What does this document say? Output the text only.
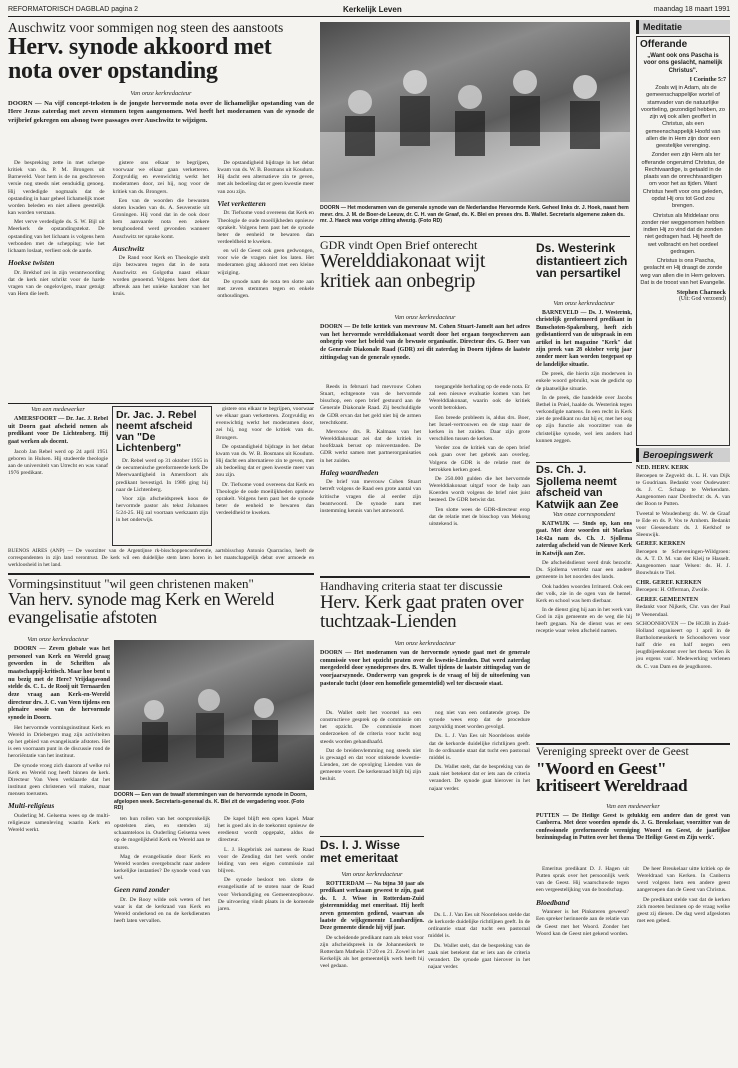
REFORMATORISCH DAGBLAD pagina 2	Kerkelijk Leven	maandag 18 maart 1991
Auschwitz voor sommigen nog steen des aanstoots
Herv. synode akkoord met nota over opstanding
Van onze kerkredacteur
DOORN — Na vijf concept-teksten is de jongste hervormde nota over de lichamelijke opstanding van de Here Jezus zaterdag met zeven stemmen tegen aangenomen. Wel heeft het moderamen van de synode de vrijbrief gekregen om alsnog twee passages over Auschwitz te wijzigen.

De bespreking zette in met scherpe kritiek van ds. P. M. Brongers uit Barneveld. Voor hem is de nu geschreven versie nog steeds niet eenduidig genoeg. Hij verdedigde nogmaals dat de opstanding in haar geheel lichamelijk moet worden beleden en niet alleen geestelijk kan worden verstaan.

Met verve verdedigde ds. S. W. Bijl uit Meerkerk de opstandingstekst. De opstanding van het lichaam is volgens hem verbonden met de schepping; wie het lichaam loslaat, verliest ook de aarde.

Hoekse twisten

Dr. Brekhof zei in zijn verantwoording dat de kerk niet schrikt voor de harde vragen van de ongelovigen, maar getuigt van Hem die leeft.

gistere ons elkaar te begrijpen, voorwaar we elkaar gaan verketteren. Zorgvuldig en evenwichtig werkt het moderamen door, zei hij, nog voor de kritiek van ds. Brongers.

Een van de woorden die bewusten sloten kwaden van ds. A. Seuvenstie uit Groningen. Hij vond dat in de ook door hem aanvaarde nota een zekere terughoudend werd gevonden wanneer Auschwitz ter sprake komt.

Auschwitz

De Rand voor Kerk en Theologie stelt zijn bezwaren tegen dat in de nota Auschwitz en Golgotha naast elkaar worden genoemd. Volgens hem doet dat afbreuk aan het unieke karakter van het kruis.

De opstandigheid bijdrage in het debat kwam van ds. W. B. Bosmans uit Koudum. Hij dacht een alternatieve zin te geven, met als bedoeling dat er geen kwestie meer van zou zijn.

Viet verketteren

Dr. Tiefsome vond overeens dat Kerk en Theologie de oude moeilijkheden opnieuw oprakelt. Volgens hem past het de synode beter de eenheid te bewaren dan verdeeldheid te kweken.

en wil de Geest ook geen gedwongen, voor wie de vragen niet los laten. Het moderamen ging akkoord met een kleine wijziging.

De synode nam de nota ten slotte aan met zeven stemmen tegen en enkele onthoudingen.

Van een medewerker

AMERSFOORT — Dr. Jac. J. Rebel uit Doorn gaat afscheid nemen als predikant voor De Lichtenberg. Hij gaat werken als docent.

Jacob Jan Rebel werd op 24 april 1951 geboren in Hulsen. Hij studeerde theologie aan de universiteit van Utrecht en was vanaf 1976 predikant.

Dr. Jac. J. Rebel neemt afscheid van "De Lichtenberg"

Dr. Rebel werd op 31 oktober 1955 in de oecumenische gereformeerde kerk De Meerwaardigheid in Amersfoort als predikant bevestigd. In 1986 ging hij naar de Lichtenberg.

Voor zijn afscheidspreek koos de hervormde pastor als tekst Johannes 5:24-25. Hij zal voortaan werkzaam zijn in het onderwijs.

gistere ons elkaar te begrijpen, voorwaar we elkaar gaan verketteren. Zorgvuldig en evenwichtig werkt het moderamen door, zei hij, nog voor de kritiek van ds. Brongers.

De opstandigheid bijdrage in het debat kwam van ds. W. B. Bosmans uit Koudum. Hij dacht een alternatieve zin te geven, met als bedoeling dat er geen kwestie meer van zou zijn.

Dr. Tiefsome vond overeens dat Kerk en Theologie de oude moeilijkheden opnieuw oprakelt. Volgens hem past het de synode beter de eenheid te bewaren dan verdeeldheid te kweken.

BUENOS AIRES (ANP) — De voorzitter van de Argentijnse rk-bisschoppenconferentie, aartsbisschop Antonio Quarracino, heeft de correspondenten in zijn land verontrust. De kerk wil een duidelijke stem laten horen in het maatschappelijk debat over armoede en werkloosheid in het land.

Vormingsinstituut "wil geen christenen maken"
Van herv. synode mag Kerk en Wereld evangelisatie afstoten
Van onze kerkredacteur

DOORN — Zeven globale was het personeel van Kerk en Wereld graag geworden in de Schriften als maatschappij-kritisch. Maar hoe bent u nu bezig met de Here? Vrijdagavond stelde ds. C. L. de Rooij uit Ternaarden deze vraag aan Kerk-en-Wereld directeur drs. J. C. van Veen tijdens een plenaire sessie van de hervormde synode in Doorn.

Het hervormde vormingsinstituut Kerk en Wereld in Driebergen mag zijn activiteiten op het gebied van evangelisatie afstoten. Het is een voornaam punt in de discussie rond de heroriëntatie van het instituut.

De synode vroeg zich daarom af welke rol Kerk en Wereld nog heeft binnen de kerk. Directeur Van Veen verklaarde dat het instituut geen christenen wil maken, maar mensen toerusten.

Multi-religieus

Ouderling M. Gelsema wees op de multi-religieuze samenleving waarin Kerk en Wereld werkt.

DOORN — Een van de twaalf stemmingen van de hervormde synode in Doorn, afgelopen week. Secretaris-generaal ds. K. Blei zit de vergadering voor. (Foto RD)

ten hun rollen van het oorspronkelijk opstelsten zien, en stemden zij schaamteloos in. Ouderling Gelsema wees op de mogelijkheid Kerk en Wereld aan te sturen.

Mag de evangelisatie door Kerk en Wereld worden overgebracht naar andere kerkelijke instanties? De synode vond van wel.

Geen rand zonder

Dr. De Rooy wilde ook weten of het waar is dat de kerkraad van Kerk en Wereld onderkend en nu de kerkdiensten heeft laten vervallen.

De kapel blijft een open kapel. Maar het is goed als in de toekomst opnieuw de eredienst wordt opgepakt, aldus de directeur.

L. J. Hogebrink zei namens de Raad voor de Zending dat het werk onder leiding van een eigen commissie zal blijven.

De synode besloot ten slotte de evangelisatie af te stoten naar de Raad voor Verkondiging en Gemeenteopbouw. De uitvoering vindt plaats in de komende jaren.

DOORN — Het moderamen van de generale synode van de Nederlandse Hervormde Kerk. Geheel links dr. J. Hoek, naast hem mevr. drs. J. M. de Boer-de Leeuw, dr. C. H. van de Graaf, ds. K. Blei en preses drs. B. Wallet. Secretaris algemene zaken ds. mr. J. Haeck was vorige zitting afwezig. (Foto RD)
GDR vindt Open Brief onterecht
Werelddiakonaat wijt kritiek aan onbegrip
Van onze kerkredacteur
DOORN — De felle kritiek van mevrouw M. Cohen Stuart-Jamelt aan het adres van het hervormde werelddiakonaat wordt door het orgaan toegeschreven aan onbegrip voor het beleid van de bewuste organisatie. Directeur drs. G. Boer van de Generale Diakonale Raad (GDR) zei dit zaterdag in Doorn tijdens de laatste zittingsdag van de generale synode.

Reeds in februari had mevrouw Cohen Stuart, echtgenote van de hervormde bisschop, een open brief gestuurd aan de Generale Diakonale Raad. Zij beschuldigde de GDR ervan dat het geld niet bij de armen terechtkomt.

Mevrouw drs. R. Kalmaas van het Werelddiakonaat zei dat de kritiek in hoofdzaak berust op misverstanden. De GDR werkt samen met partnerorganisaties in het zuiden.

Haleg waardheden

De brief van mevrouw Cohen Stuart betreft volgens de Raad een grote aantal van kritische vragen die al eerder zijn beantwoord. De synode nam met instemming kennis van het antwoord.

toegangelde herhaling op de ende nota. Er zal een nieuwe evaluatie komen van het Werelddiakonaat, waarin ook de kritiek wordt betrokken.

Een breede probleem is, aldus drs. Boer, het Israel-vertrouwen en de stap naar de kerken in het zuiden. Daar zijn grote verschillen tussen de kerken.

Verder zou de kritiek van de open brief ook gaan over het gebrek aan overleg. Volgens de GDR is de relatie met de betrokken kerken goed.

De 250.000 gulden die het hervormde Werelddiakonaat uitgaf voor de hulp aan Koerden wordt volgens de brief niet juist besteed. De GDR betwist dat.

Ten slotte wees de GDR-directeur erop dat de relatie met de bisschop van Mekong uitstekend is.

Ds. Westerink distantieert zich van persartikel
Van onze kerkredacteur

BARNEVELD — Ds. J. Westerink, christelijk gereformeerd predikant in Bunschoten-Spakenburg, heeft zich gedistantieerd van de uitspraak in een artikel in het magazine "Kerk" dat zijn preek van 28 oktober verig jaar zonder meer kan worden toegepast op de landelijke situatie.

De preek, die hierin zijn moderwen in enkele woord gebruikt, was de gedicht op de plaatselijke situatie.

In de preek, die handelde over Jacobs Bethel in Pniel, haalde ds. Westerink tegen verkondigde namens. In een recht in Kerk ziet de predikant nu dat hij er, met het oog op zijn functie als voorzitter van de christelijke synode, wel iets anders had kunnen zeggen.

Ds. Ch. J. Sjollema neemt afscheid van Katwijk aan Zee
Van onze correspondent

KATWIJK — Sinds op, kan ons gaat. Met deze woorden uit Markus 14:42a nam ds. Ch. J. Sjollema zaterdag afscheid van de Nieuwe Kerk in Katwijk aan Zee.

De afscheidsdienst werd druk bezocht. Ds. Sjollema vertrekt naar een andere gemeente in het noorden des lands.

Ook hadden woorden Irrituerd. Ook een der volk, zie in de ogen van de hemel. Kerk en school was hem dierbaar.

In de dienst ging hij aan in het werk van God in zijn gemeente en de weg die hij heeft gegaan. Na de dienst was er een receptie waar velen afscheid namen.

Handhaving criteria staat ter discussie
Herv. Kerk gaat praten over tuchtzaak-Lienden
Van onze kerkredacteur
DOORN — Het moderamen van de hervormde synode gaat met de generale commissie voor het opzicht praten over de kwestie-Lienden. Dat werd zaterdag meegedeeld door synodepreses drs. B. Wallet tijdens de laatste zittingsdag van de voorjaarszynode. Onderwerp van gesprek is de vraag of bij de uitoefening van pastorale tucht (door een homofiele gemeentelid) wel ter discussie staat.

Ds. Wallet stelt het voorstel na een constructieve gesprek op de commissie om het opzicht. De commissie moet onderzoeken of de criteria voor tucht nog steeds worden gehandhaafd.

Dat de breidenvlemming nog steeds niet is gewaagd en dat voor stinkende kwestie-Lienden, zet de opvolging Lienden van de gemeente voort. De kerkenraad blijft bij zijn besluit.

nog niet van een ontlatende groep. De synode wees erop dat de procedure zorgvuldig moet worden gevolgd.

Ds. L. J. Van Ees uit Noordeloos stelde dat de kerkorde duidelijke richtlijnen geeft. In de ordinantie staat dat tucht een pastoraal middel is.

Ds. Wallet stelt, dat de bespreking van de zaak niet betekent dat er iets aan de criteria verandert. De synode gaat hierover in het najaar verder.

Ds. I. J. Wisse met emeritaat
Van onze kerkredacteur

ROTTERDAM — Na bijna 30 jaar als predikant werkzaam geweest te zijn, gaat ds. I. J. Wisse in Rotterdam-Zuid gisterenmiddag met emeritaat. Hij heeft zeven gemeenten gediend, waarvan als laatste de wijkgemeente Lombardijen. Deze gemeente diende hij vijf jaar.

De scheidende predikant nam als tekst voor zijn afscheidspreek in de Johanneskerk te Rotterdam Matheüs 17:20 en 21. Zowel in het Kerkelijk als het gemeentelijk werk heeft hij veel gedaan.

Ds. L. J. Van Ees uit Noordeloos stelde dat de kerkorde duidelijke richtlijnen geeft. In de ordinantie staat dat tucht een pastoraal middel is.

Ds. Wallet stelt, dat de bespreking van de zaak niet betekent dat er iets aan de criteria verandert. De synode gaat hierover in het najaar verder.

Vereniging spreekt over de Geest
"Woord en Geest" kritiseert Wereldraad
Van een medewerker
PUTTEN — De Heilige Geest is gelukkig een andere dan de geest van Canberra. Met deze woorden opende ds. J. G. Breukelaar, voorzitter van de confessionele gereformeerde vereniging Woord en Geest, de jaarlijkse bezinningsdag in Putten over het thema 'De Heilige Geest en Zijn werk'.

Emeritus predikant D. J. Hagen uit Putten sprak over het persoonlijk werk van de Geest. Hij waarschuwde tegen een vergeestelijking van de boodschap.

Bloedband

Wanneer is het Pinksteren geweest? Een spreker herinnerde aan de relatie van de Geest met het Woord. Zonder het Woord kan de Geest niet gekend worden.

De heer Breukelaar uitte kritiek op de Wereldraad van Kerken. In Canberra werd volgens hem een andere geest aangeroepen dan de Geest van Christus.

De predikant stelde vast dat de kerken zich moeten bezinnen op de vraag welke geest zij dienen. De dag werd afgesloten met een gebed.

Meditatie
Offerande
„Want ook ons Pascha is voor ons geslacht, namelijk Christus".
I Corinthe 5:7

Zoals wij in Adam, als de gemeenschappelijke wortel of stamvader van de natuurlijke voortteling, gezondigd hebben, zo zijn wij ook allen geoffert in Christus, als een gemeenschappelijk Hoofd van allen die in Hem zijn door een geestelijke verenging.

Zonder een zijn Hem als ter offerande ongeruimd Christus, de Rechtvaardige, is getaald in de plaats van de onrechtvaardigen om voor het as tijden. Want Christus heeft voor ons geleden, opdat Hij ons tot God zou brengen.

Christus als Middelaar ons zonder nier weggenomen hebben indien Hij zo vind dat de zonden niet gedragen had. Hij heeft de wet volbracht en het oordeel gedragen.

Christus is ons Pascha, geslacht en Hij draagt de zonde weg van allen die in Hem geloven. Dat is de troost van het Evangelie.

Stephen Charnock
(Uit: God verzoend)
Beroepingswerk
NED. HERV. KERK

Beroepen te Zegveld: ds. L. H. van Dijk te Goudriaan. Bedankt voor Oudewater: ds. J. C. Schaap te Werkendam. Aangenomen naar Dordrecht: ds. A. van der Boon te Putten.

Tweetal te Woudenberg: ds. W. de Graaf te Ede en ds. P. Vos te Arnhem. Bedankt voor Giessendam: ds. J. Kerkhof te Sleeuwijk.

GEREF. KERKEN

Beroepen te Scheveningen-Wildgroen: ds. A. T. D. M. van der Kleij te Hasselt. Aangenomen naar Velsen: ds. H. J. Bouwhuis te Tiel.

CHR. GEREF. KERKEN

Beroepen: H. Offerman, Zwolle.

GEREF. GEMEENTEN

Bedankt voor Nijkerk, Chr. van der Paal te Veenendaal.

SCHOONHOVEN — De HGJB in Zuid-Holland organiseert op 1 april in de Bartholomeuskerk te Schoonhoven voor half drie en half negen een jeugdbijeenkomst over het thema 'Ken ik jou ergens van'. Medewerking verlenen ds. C. van Dam en de jeugdkoren.
